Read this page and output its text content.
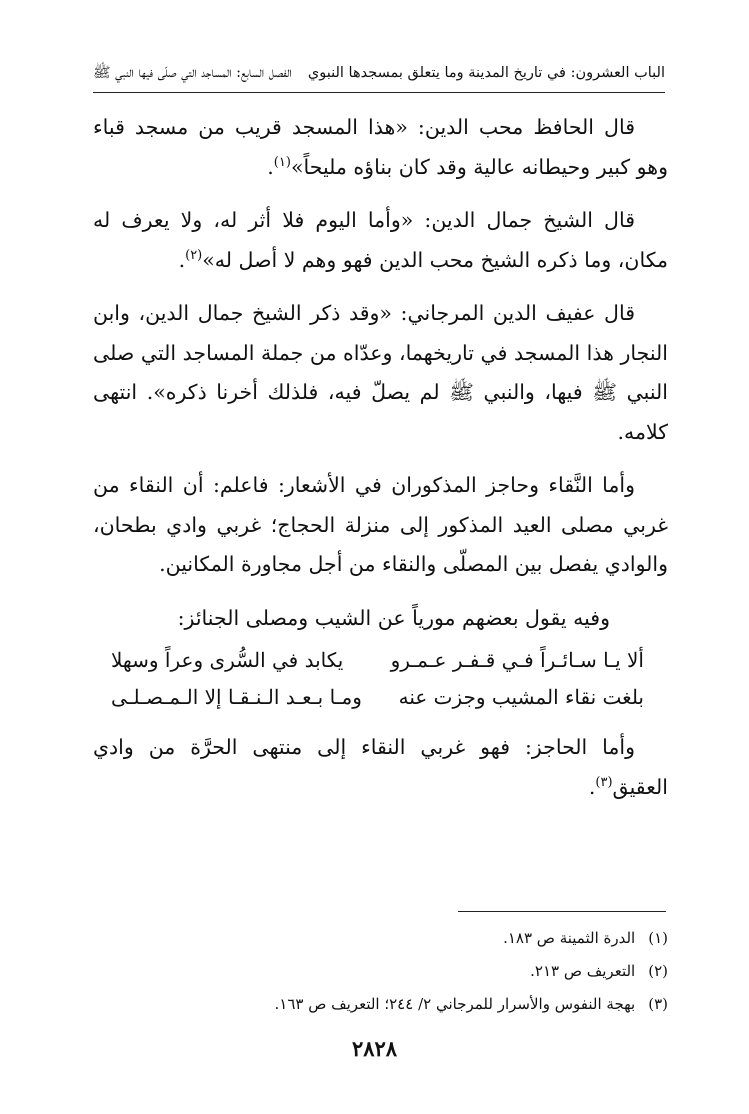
الباب العشرون: في تاريخ المدينة وما يتعلق بمسجدها النبوي
الفصل السابع: المساجد التي صلّى فيها النبي ﷺ

قال الحافظ محب الدين: «هذا المسجد قريب من مسجد قباء وهو كبير وحيطانه عالية وقد كان بناؤه مليحاً»$^{(١)}$.

قال الشيخ جمال الدين: «وأما اليوم فلا أثر له، ولا يعرف له مكان، وما ذكره الشيخ محب الدين فهو وهم لا أصل له»$^{(٢)}$.

قال عفيف الدين المرجاني: «وقد ذكر الشيخ جمال الدين، وابن النجار هذا المسجد في تاريخهما، وعدّاه من جملة المساجد التي صلى النبي ﷺ فيها، والنبي ﷺ لم يصلّ فيه، فلذلك أخرنا ذكره». انتهى كلامه.

وأما النَّقاء وحاجز المذكوران في الأشعار: فاعلم: أن النقاء من غربي مصلى العيد المذكور إلى منزلة الحجاج؛ غربي وادي بطحان، والوادي يفصل بين المصلّى والنقاء من أجل مجاورة المكانين.

وفيه يقول بعضهم مورياً عن الشيب ومصلى الجنائز:

ألا يـا سـائـراً فـي قـفـر عـمـرو
يكابد في السُّرى وعراً وسهلا
بلغت نقاء المشيب وجزت عنه
ومـا بـعـد الـنـقـا إلا الـمـصـلـى

وأما الحاجز: فهو غربي النقاء إلى منتهى الحرَّة من وادي العقيق$^{(٣)}$.

(١) الدرة الثمينة ص ١٨٣.
(٢) التعريف ص ٢١٣.
(٣) بهجة النفوس والأسرار للمرجاني ٢/ ٢٤٤؛ التعريف ص ١٦٣.
٢٨٢٨
